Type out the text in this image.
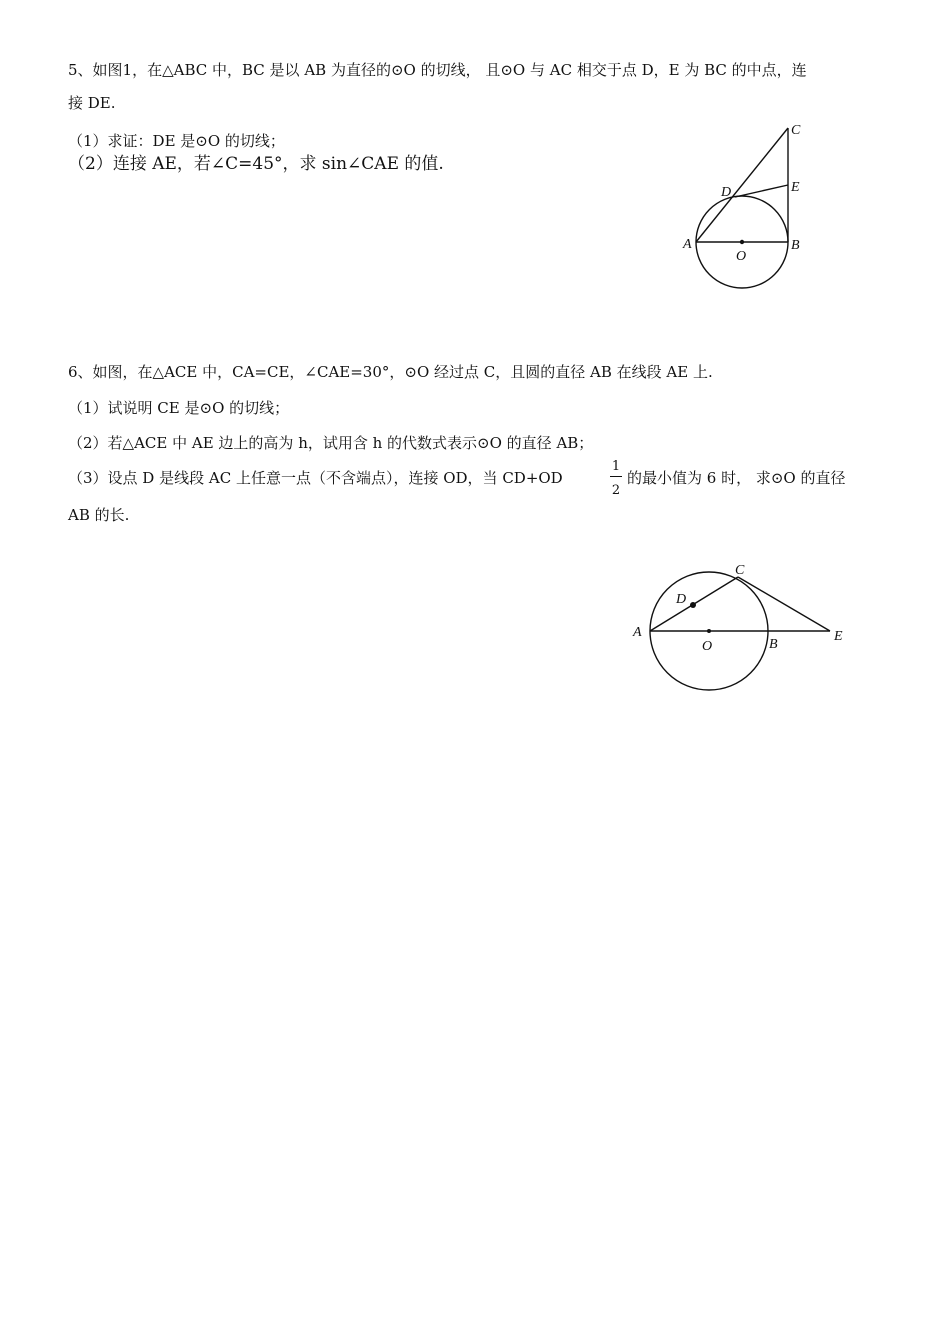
5、如图1，在△ABC 中，BC 是以 AB 为直径的⊙O 的切线， 且⊙O 与 AC 相交于点 D，E 为 BC 的中点，连
接 DE.
（1）求证：DE 是⊙O 的切线；
（2）连接 AE，若∠C=45°，求 sin∠CAE 的值.
A	B
C
D	E
O
A
B
C
D
E
O
6、如图，在△ACE 中，CA=CE，∠CAE=30°，⊙O 经过点 C，且圆的直径 AB 在线段 AE 上.
（1）试说明 CE 是⊙O 的切线；
（2）若△ACE 中 AE 边上的高为 h，试用含 h 的代数式表示⊙O 的直径 AB；
（3）设点 D 是线段 AC 上任意一点（不含端点），连接 OD，当 CD+OD
1
2
的最小值为 6 时， 求⊙O 的直径
AB 的长.
